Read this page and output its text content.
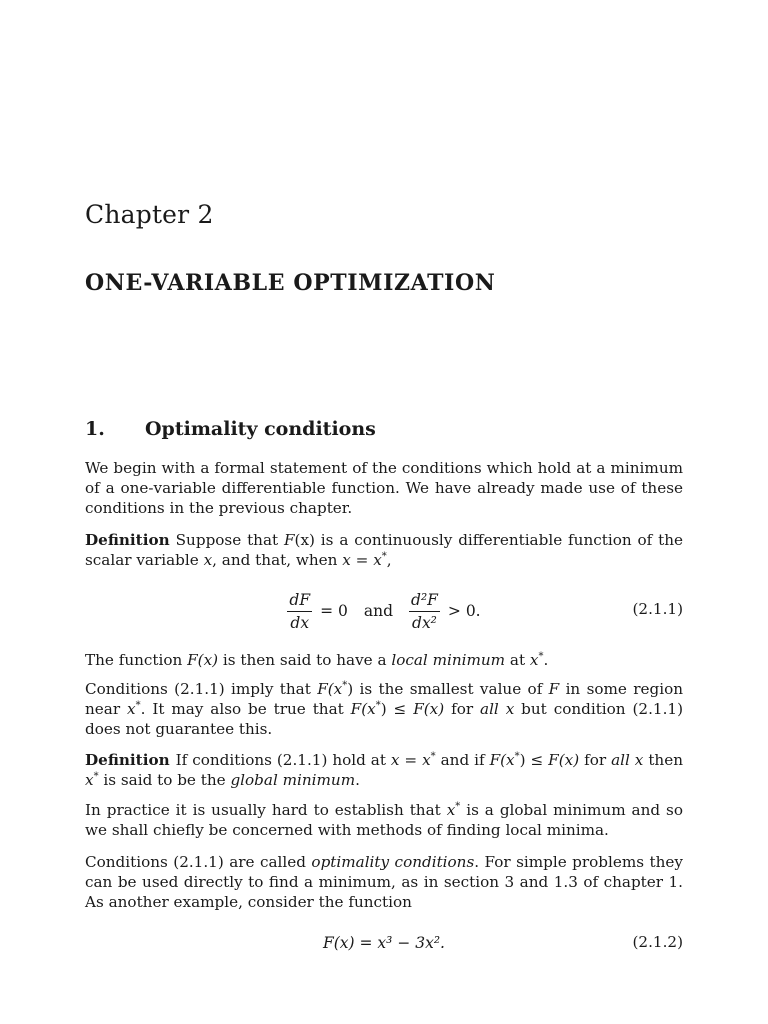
Chapter 2
ONE-VARIABLE OPTIMIZATION
1.	Optimality conditions

We begin with a formal statement of the conditions which hold at a minimum of a one-variable differentiable function. We have already made use of these conditions in the previous chapter.

Definition Suppose that F(x) is a continuously differentiable function of the scalar variable x, and that, when x = x*,

$\frac{dF}{dx} = 0$ and $\frac{\text{d²F}}{\text{dx²}} > 0$.	(2.1.1)

The function F(x) is then said to have a local minimum at x*.

Conditions (2.1.1) imply that F(x*) is the smallest value of F in some region near x*. It may also be true that F(x*) ≤ F(x) for all x but condition (2.1.1) does not guarantee this.

Definition If conditions (2.1.1) hold at x = x* and if F(x*) ≤ F(x) for all x then x* is said to be the global minimum.

In practice it is usually hard to establish that x* is a global minimum and so we shall chiefly be concerned with methods of finding local minima.

Conditions (2.1.1) are called optimality conditions. For simple problems they can be used directly to find a minimum, as in section 3 and 1.3 of chapter 1. As another example, consider the function

F(x) = x³ − 3x².	(2.1.2)
